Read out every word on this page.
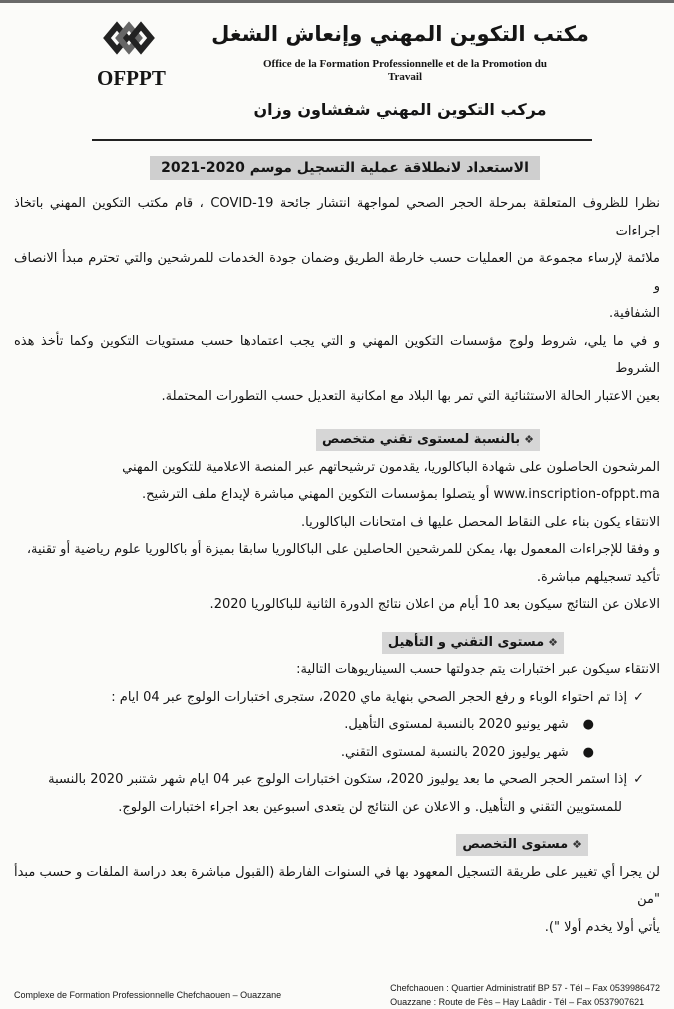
OFPPT
مكتب التكوين المهني وإنعاش الشغل
Office de la Formation Professionnelle et de la Promotion du
Travail
مركب التكوين المهني شفشاون وزان
الاستعداد لانطلاقة عملية التسجيل موسم 2020-2021
نظرا للظروف المتعلقة بمرحلة الحجر الصحي لمواجهة انتشار جائحة COVID-19 ، قام مكتب التكوين المهني باتخاذ اجراءات
ملائمة لإرساء مجموعة من العمليات حسب خارطة الطريق وضمان جودة الخدمات للمرشحين والتي تحترم مبدأ الانصاف و
الشفافية.
و في ما يلي، شروط ولوج مؤسسات التكوين المهني و التي يجب اعتمادها حسب مستويات التكوين وكما تأخذ هذه الشروط
بعين الاعتبار الحالة الاستثنائية التي تمر بها البلاد مع امكانية التعديل حسب التطورات المحتملة.
❖بالنسبة لمستوى تقني متخصص
المرشحون الحاصلون على شهادة الباكالوريا، يقدمون ترشيحاتهم عبر المنصة الاعلامية للتكوين المهني
www.inscription-ofppt.ma أو يتصلوا بمؤسسات التكوين المهني مباشرة لإيداع ملف الترشيح.
الانتقاء يكون بناء على النقاط المحصل عليها ف امتحانات الباكالوريا.
و وفقا للإجراءات المعمول بها، يمكن للمرشحين الحاصلين على الباكالوريا سابقا بميزة أو باكالوريا علوم رياضية أو تقنية،
تأكيد تسجيلهم مباشرة.
الاعلان عن النتائج سيكون بعد 10 أيام من اعلان نتائج الدورة الثانية للباكالوريا 2020.
❖مستوى التقني و التأهيل
الانتقاء سيكون عبر اختبارات يتم جدولتها حسب السيناريوهات التالية:
✓إذا تم احتواء الوباء و رفع الحجر الصحي بنهاية ماي 2020، ستجرى اختبارات الولوج عبر 04 ايام :
●شهر يونيو 2020 بالنسبة لمستوى التأهيل.
●شهر يوليوز 2020 بالنسبة لمستوى التقني.
✓إذا استمر الحجر الصحي ما بعد يوليوز 2020، ستكون اختبارات الولوج عبر 04 ايام شهر شتنبر 2020 بالنسبة
للمستويين التقني و التأهيل. و الاعلان عن النتائج لن يتعدى اسبوعين بعد اجراء اختبارات الولوج.
❖مستوى التخصص
لن يجرا أي تغيير على طريقة التسجيل المعهود بها في السنوات الفارطة (القبول مباشرة بعد دراسة الملفات و حسب مبدأ "من
يأتي أولا يخدم أولا ").
Complexe de Formation Professionnelle Chefchaouen – Ouazzane
Chefchaouen : Quartier Administratif BP 57 - Tél – Fax 0539986472
Ouazzane : Route de Fès – Hay Laâdir - Tél – Fax 0537907621
